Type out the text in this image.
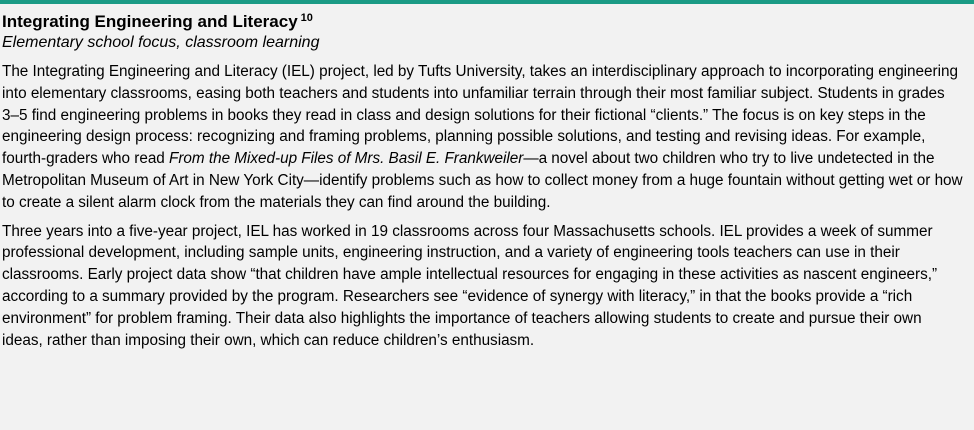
Integrating Engineering and Literacy $^{10}$

Elementary school focus, classroom learning

The Integrating Engineering and Literacy (IEL) project, led by Tufts University, takes an interdisciplinary approach to incorporating engineering into elementary classrooms, easing both teachers and students into unfamiliar terrain through their most familiar subject. Students in grades 3–5 find engineering problems in books they read in class and design solutions for their fictional “clients.” The focus is on key steps in the engineering design process: recognizing and framing problems, planning possible solutions, and testing and revising ideas. For example, fourth-graders who read From the Mixed-up Files of Mrs. Basil E. Frankweiler—a novel about two children who try to live undetected in the Metropolitan Museum of Art in New York City—identify problems such as how to collect money from a huge fountain without getting wet or how to create a silent alarm clock from the materials they can find around the building.

Three years into a five-year project, IEL has worked in 19 classrooms across four Massachusetts schools. IEL provides a week of summer professional development, including sample units, engineering instruction, and a variety of engineering tools teachers can use in their classrooms. Early project data show “that children have ample intellectual resources for engaging in these activities as nascent engineers,” according to a summary provided by the program. Researchers see “evidence of synergy with literacy,” in that the books provide a “rich environment” for problem framing. Their data also highlights the importance of teachers allowing students to create and pursue their own ideas, rather than imposing their own, which can reduce children’s enthusiasm.
